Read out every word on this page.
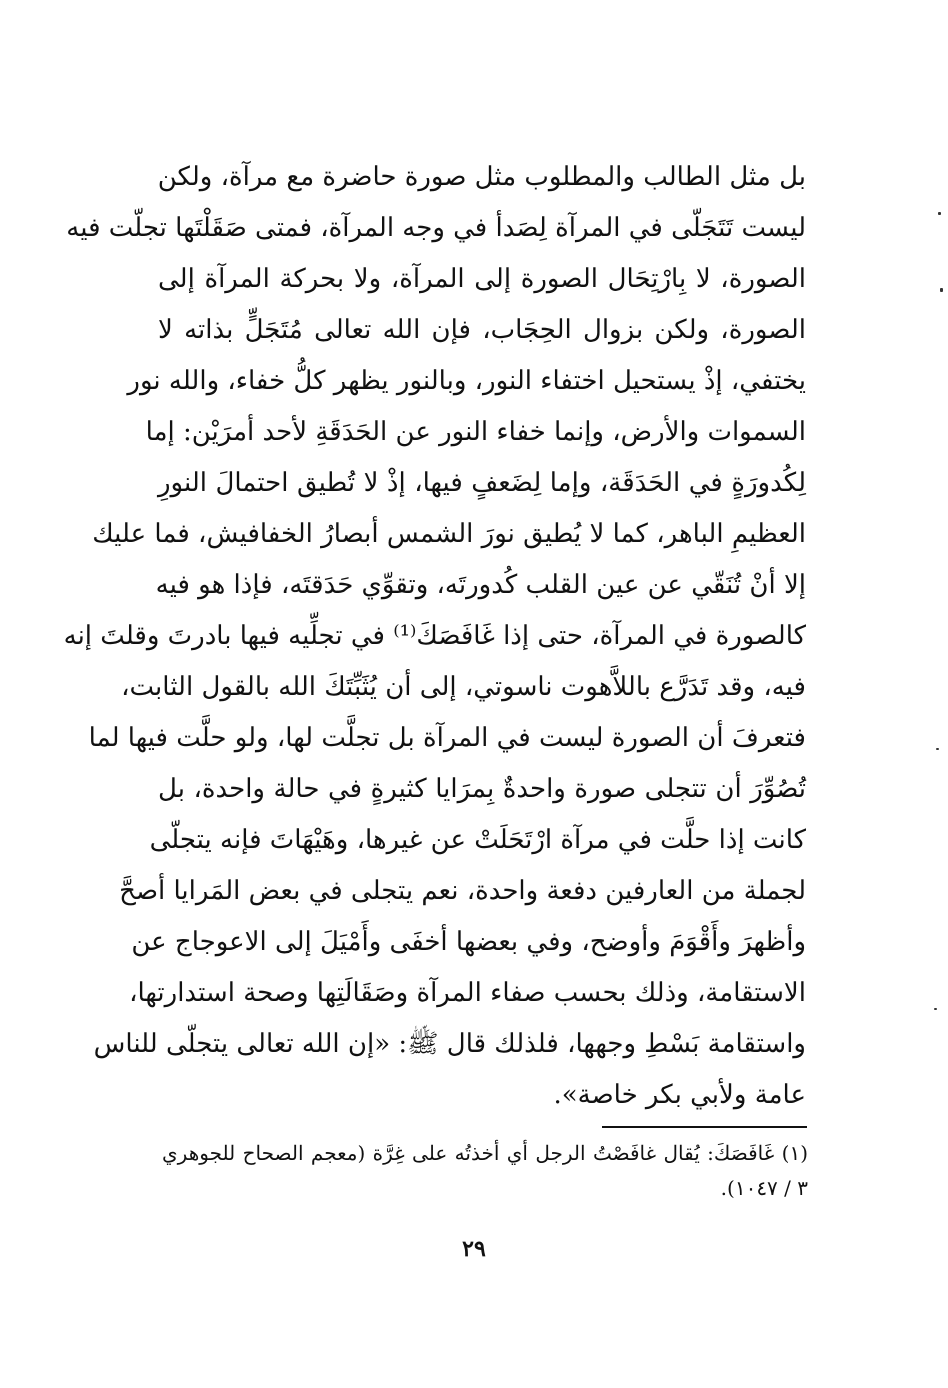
بل مثل الطالب والمطلوب مثل صورة حاضرة مع مرآة، ولكن
ليست تَتَجَلّى في المرآة لِصَدأ في وجه المرآة، فمتى صَقَلْتَها تجلّت فيه
الصورة، لا بِارْتِحَال الصورة إلى المرآة، ولا بحركة المرآة إلى
الصورة، ولكن بزوال الحِجَاب، فإن الله تعالى مُتَجَلٍّ بذاته لا
يختفي، إذْ يستحيل اختفاء النور، وبالنور يظهر كلُّ خفاء، والله نور
السموات والأرض، وإنما خفاء النور عن الحَدَقَةِ لأحد أمرَيْن: إما
لِكُدورَةٍ في الحَدَقَة، وإما لِضَعفٍ فيها، إذْ لا تُطيق احتمالَ النورِ
العظيمِ الباهر، كما لا يُطيق نورَ الشمس أبصارُ الخفافيش، فما عليك
إلا أنْ تُنَقّي عن عين القلب كُدورتَه، وتقوِّي حَدَقتَه، فإذا هو فيه
كالصورة في المرآة، حتى إذا غَافَصَكَ⁽¹⁾ في تجلِّيه فيها بادرتَ وقلتَ إنه
فيه، وقد تَدَرَّع باللاَّهوت ناسوتي، إلى أن يُثَبِّتَكَ الله بالقول الثابت،
فتعرفَ أن الصورة ليست في المرآة بل تجلَّت لها، ولو حلَّت فيها لما
تُصُوِّرَ أن تتجلى صورة واحدةٌ بِمرَايا كثيرةٍ في حالة واحدة، بل
كانت إذا حلَّت في مرآة ارْتَحَلَتْ عن غيرها، وهَيْهَاتَ فإنه يتجلّى
لجملة من العارفين دفعة واحدة، نعم يتجلى في بعض المَرايا أصحَّ
وأظهرَ وأَقْوَمَ وأوضح، وفي بعضها أخفَى وأَمْيَلَ إلى الاعوجاج عن
الاستقامة، وذلك بحسب صفاء المرآة وصَقَالَتِها وصحة استدارتها،
واستقامة بَسْطِ وجهها، فلذلك قال ﷺ: «إن الله تعالى يتجلّى للناس
عامة ولأبي بكر خاصة».
(١) غَافَصَكَ: يُقال غافَصْتُ الرجل أي أخذتُه على غِرَّة (معجم الصحاح للجوهري
٣ / ١٠٤٧).
٢٩
